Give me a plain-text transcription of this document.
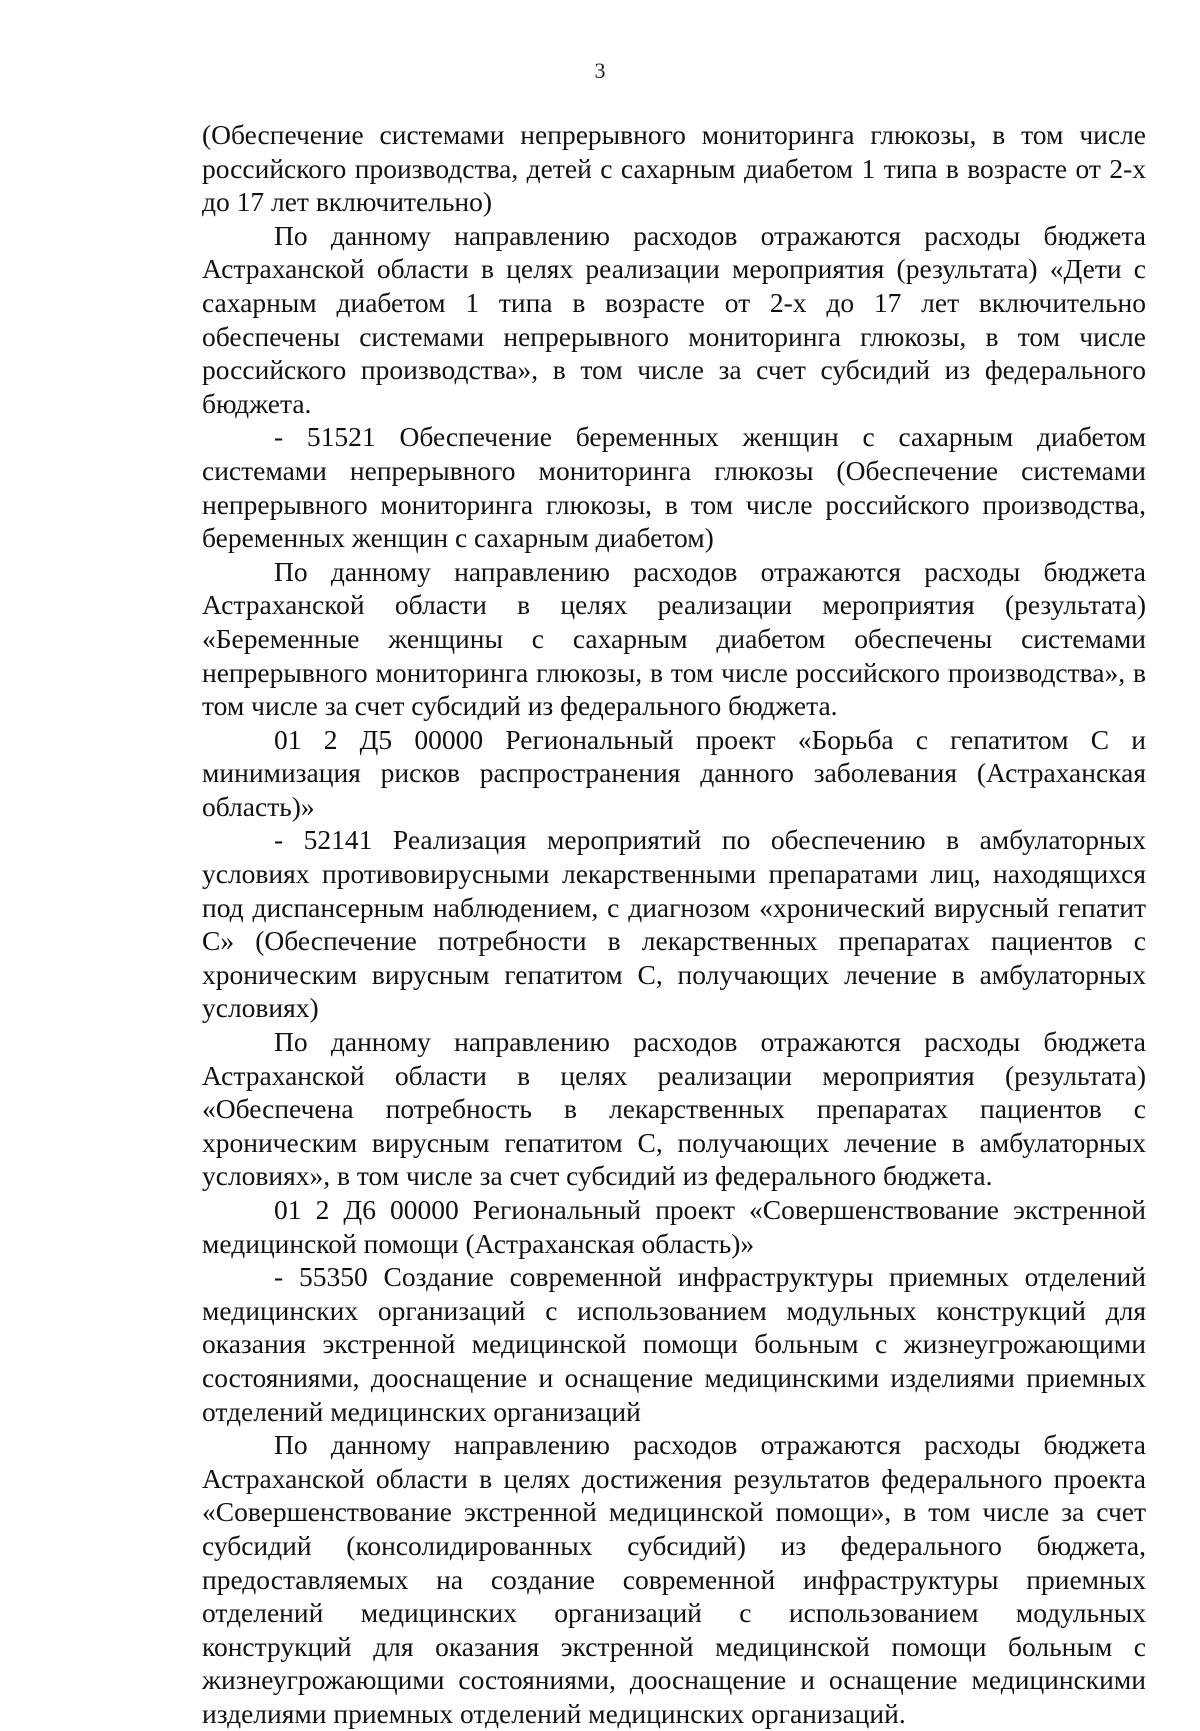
3

(Обеспечение системами непрерывного мониторинга глюкозы, в том числе российского производства, детей с сахарным диабетом 1 типа в возрасте от 2-х до 17 лет включительно)

По данному направлению расходов отражаются расходы бюджета Астраханской области в целях реализации мероприятия (результата) «Дети с сахарным диабетом 1 типа в возрасте от 2-х до 17 лет включительно обеспечены системами непрерывного мониторинга глюкозы, в том числе российского производства», в том числе за счет субсидий из федерального бюджета.

- 51521 Обеспечение беременных женщин с сахарным диабетом системами непрерывного мониторинга глюкозы (Обеспечение системами непрерывного мониторинга глюкозы, в том числе российского производства, беременных женщин с сахарным диабетом)

По данному направлению расходов отражаются расходы бюджета Астраханской области в целях реализации мероприятия (результата) «Беременные женщины с сахарным диабетом обеспечены системами непрерывного мониторинга глюкозы, в том числе российского производства», в том числе за счет субсидий из федерального бюджета.

01 2 Д5 00000 Региональный проект «Борьба с гепатитом С и минимизация рисков распространения данного заболевания (Астраханская область)»

- 52141 Реализация мероприятий по обеспечению в амбулаторных условиях противовирусными лекарственными препаратами лиц, находящихся под диспансерным наблюдением, с диагнозом «хронический вирусный гепатит С» (Обеспечение потребности в лекарственных препаратах пациентов с хроническим вирусным гепатитом С, получающих лечение в амбулаторных условиях)

По данному направлению расходов отражаются расходы бюджета Астраханской области в целях реализации мероприятия (результата) «Обеспечена потребность в лекарственных препаратах пациентов с хроническим вирусным гепатитом С, получающих лечение в амбулаторных условиях», в том числе за счет субсидий из федерального бюджета.

01 2 Д6 00000 Региональный проект «Совершенствование экстренной медицинской помощи (Астраханская область)»

- 55350 Создание современной инфраструктуры приемных отделений медицинских организаций с использованием модульных конструкций для оказания экстренной медицинской помощи больным с жизнеугрожающими состояниями, дооснащение и оснащение медицинскими изделиями приемных отделений медицинских организаций

По данному направлению расходов отражаются расходы бюджета Астраханской области в целях достижения результатов федерального проекта «Совершенствование экстренной медицинской помощи», в том числе за счет субсидий (консолидированных субсидий) из федерального бюджета, предоставляемых на создание современной инфраструктуры приемных отделений медицинских организаций с использованием модульных конструкций для оказания экстренной медицинской помощи больным с жизнеугрожающими состояниями, дооснащение и оснащение медицинскими изделиями приемных отделений медицинских организаций.
